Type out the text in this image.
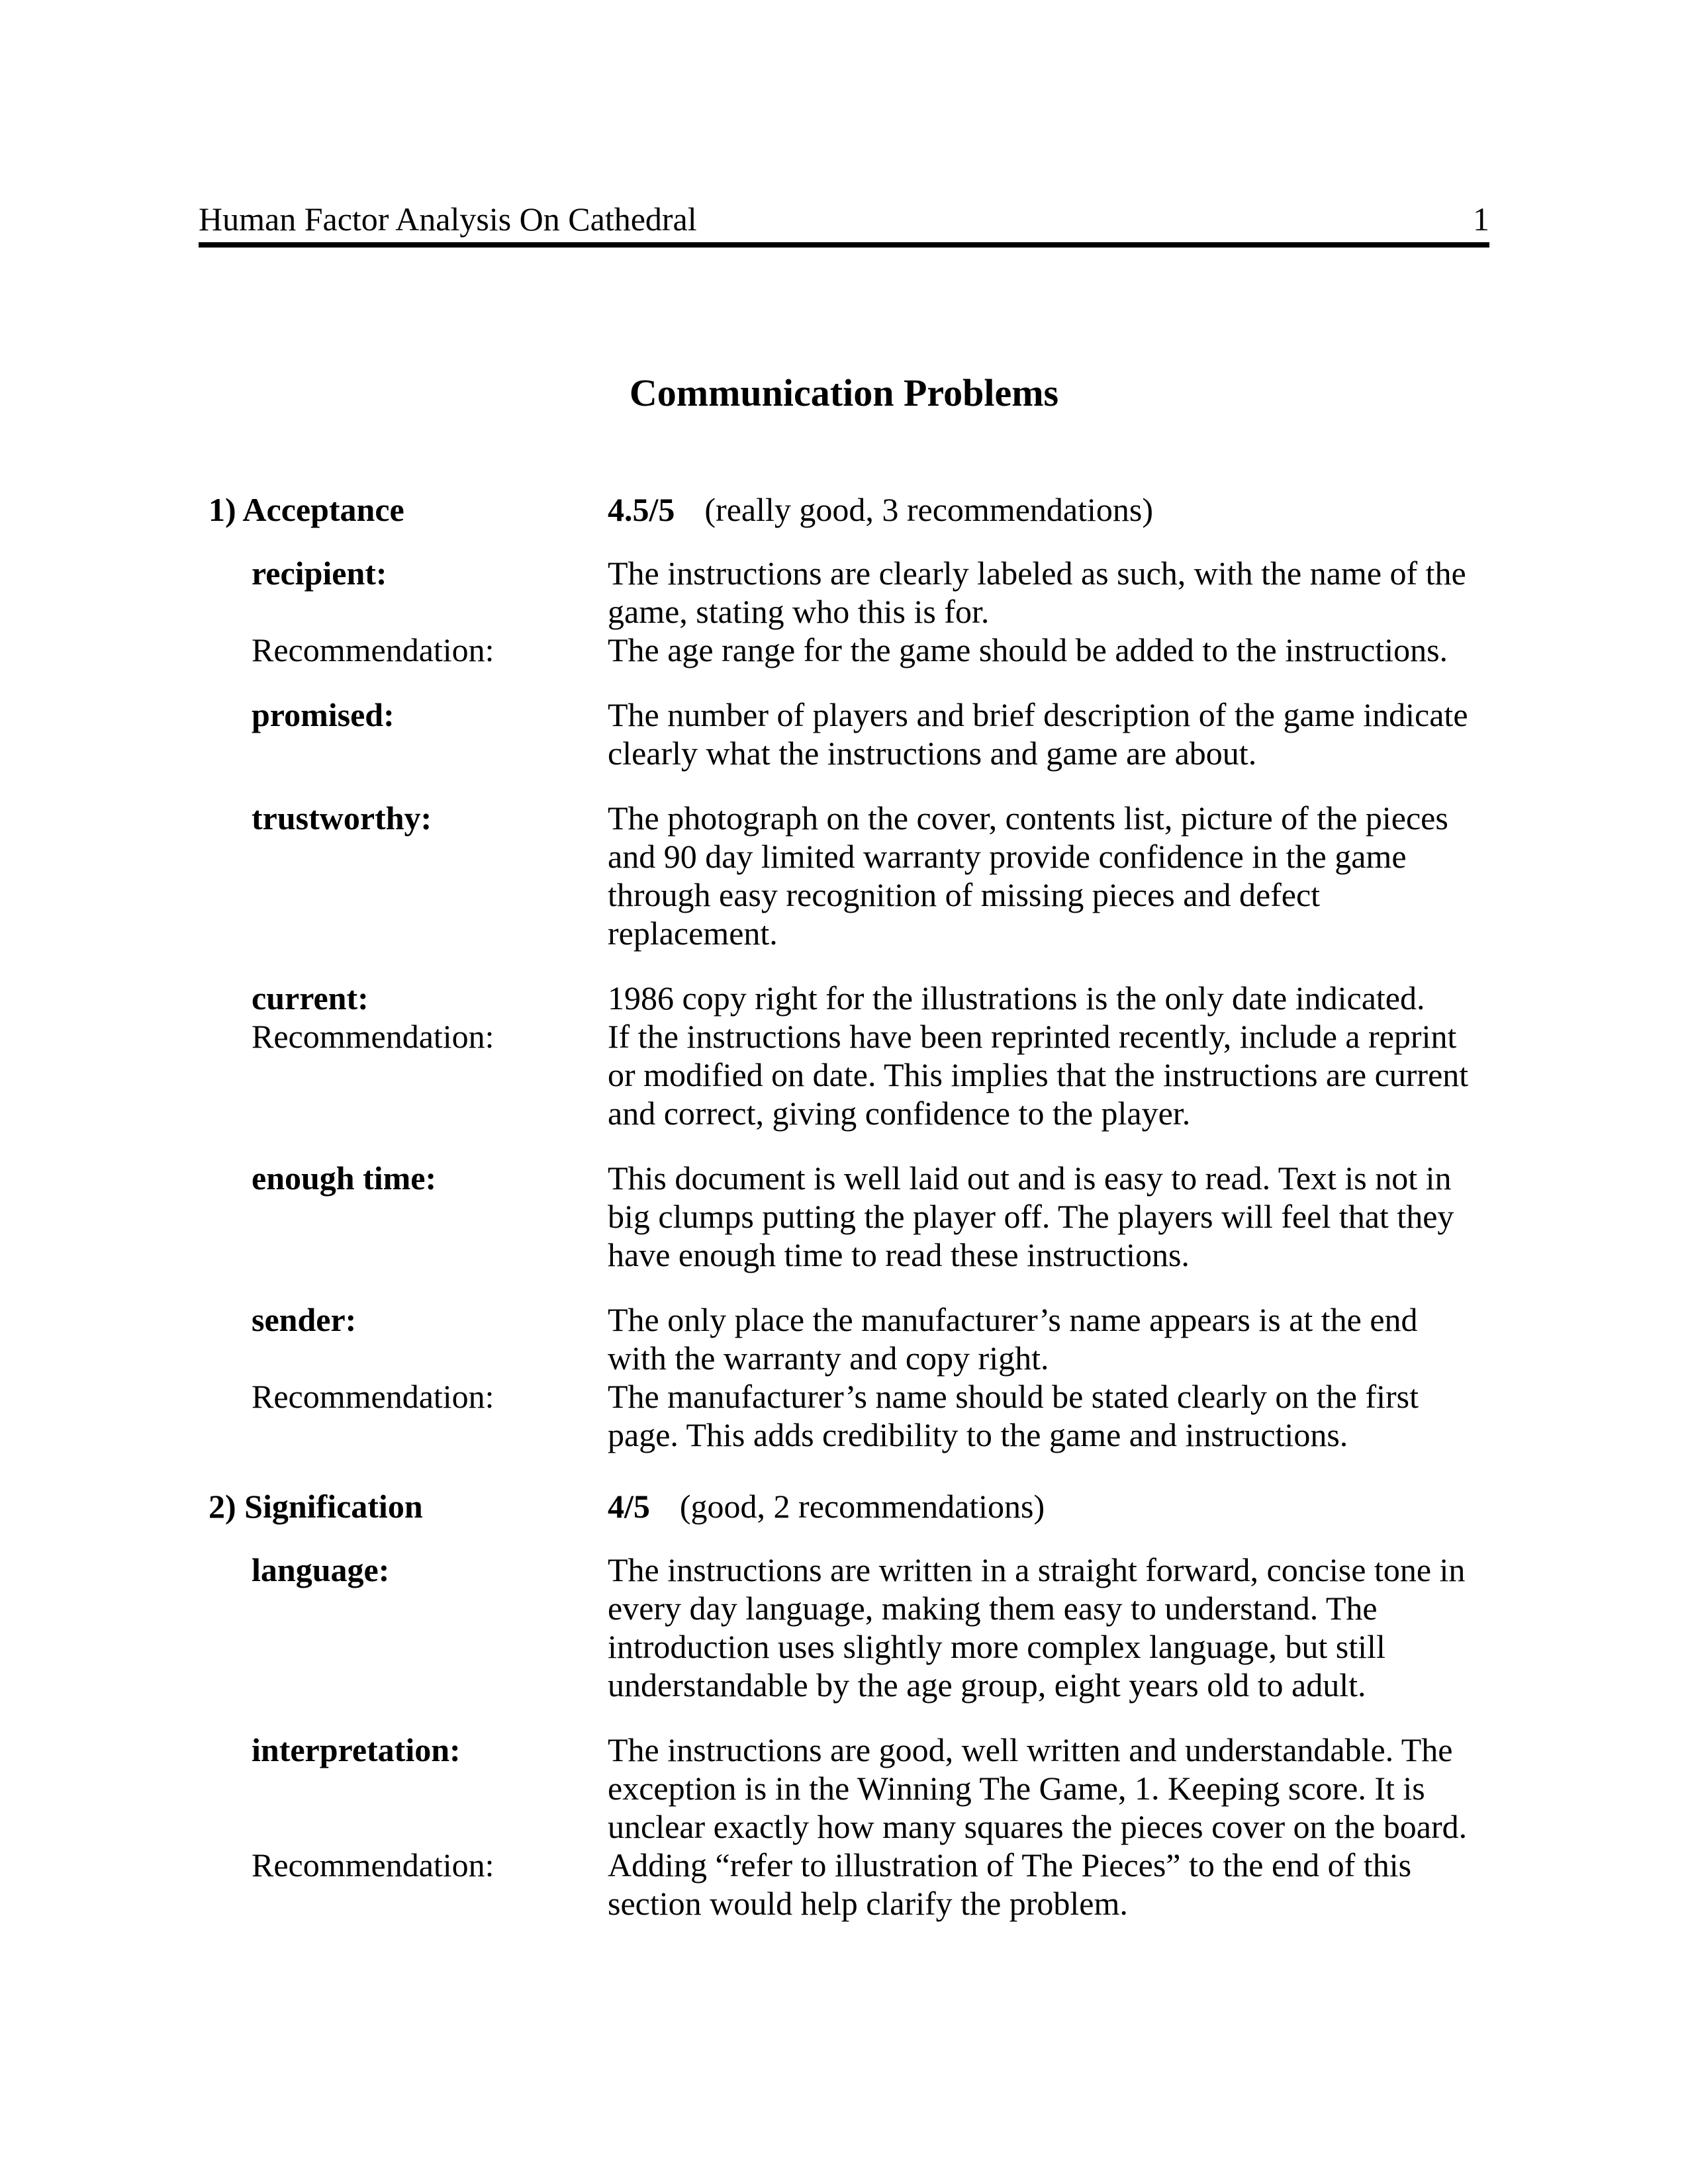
Human Factor Analysis On Cathedral	1
Communication Problems
1) Acceptance	4.5/5 (really good, 3 recommendations)
recipient:	The instructions are clearly labeled as such, with the name of the game, stating who this is for.
Recommendation:	The age range for the game should be added to the instructions.
promised:	The number of players and brief description of the game indicate clearly what the instructions and game are about.
trustworthy:	The photograph on the cover, contents list, picture of the pieces and 90 day limited warranty provide confidence in the game through easy recognition of missing pieces and defect replacement.
current:	1986 copy right for the illustrations is the only date indicated.
Recommendation:	If the instructions have been reprinted recently, include a reprint or modified on date. This implies that the instructions are current and correct, giving confidence to the player.
enough time:	This document is well laid out and is easy to read. Text is not in big clumps putting the player off. The players will feel that they have enough time to read these instructions.
sender:	The only place the manufacturer’s name appears is at the end with the warranty and copy right.
Recommendation:	The manufacturer’s name should be stated clearly on the first page. This adds credibility to the game and instructions.
2) Signification	4/5 (good, 2 recommendations)
language:	The instructions are written in a straight forward, concise tone in every day language, making them easy to understand. The introduction uses slightly more complex language, but still understandable by the age group, eight years old to adult.
interpretation:	The instructions are good, well written and understandable. The exception is in the Winning The Game, 1. Keeping score. It is unclear exactly how many squares the pieces cover on the board.
Recommendation:	Adding “refer to illustration of The Pieces” to the end of this section would help clarify the problem.
